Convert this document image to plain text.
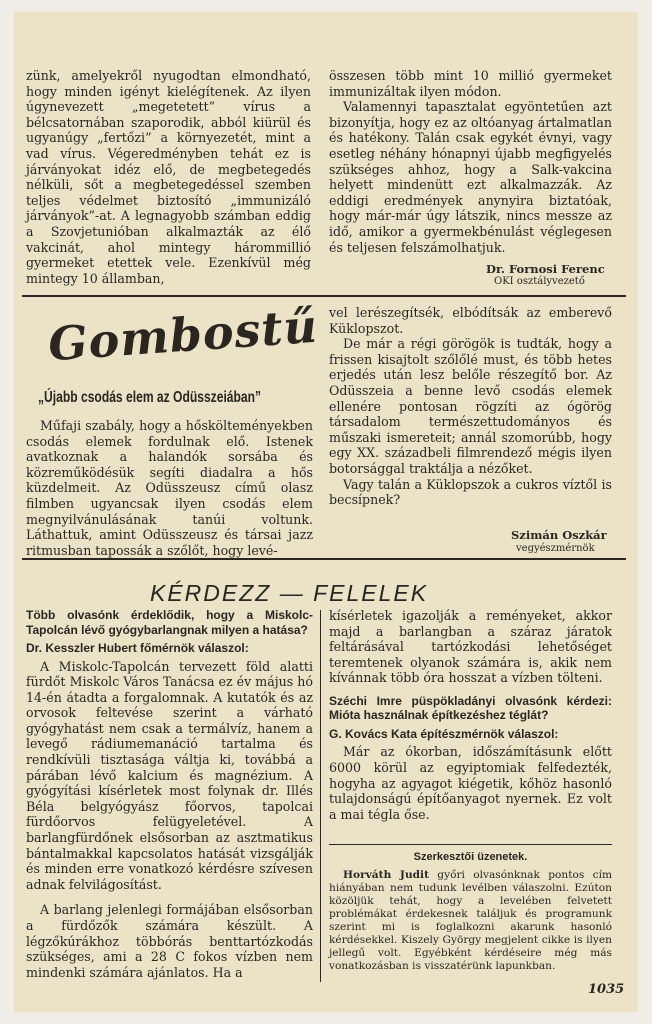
zünk, amelyekről nyugodtan elmondható, hogy minden igényt kielégítenek. Az ilyen úgynevezett „megetetett” vírus a bélcsatornában szaporodik, abból kiürül és ugyanúgy „fertőzi” a környezetét, mint a vad vírus. Végeredményben tehát ez is járványokat idéz elő, de megbetegedés nélküli, sőt a megbetegedéssel szemben teljes védelmet biztosító „immunizáló járványok”-at. A legnagyobb számban eddig a Szovjetunióban alkalmazták az élő vakcinát, ahol mintegy hárommillió gyermeket etettek vele. Ezenkívül még mintegy 10 államban,

összesen több mint 10 millió gyermeket immunizáltak ilyen módon.

Valamennyi tapasztalat egyöntetűen azt bizonyítja, hogy ez az oltóanyag ártalmatlan és hatékony. Talán csak egykét évnyi, vagy esetleg néhány hónapnyi újabb megfigyelés szükséges ahhoz, hogy a Salk-vakcina helyett mindenütt ezt alkalmazzák. Az eddigi eredmények anynyira biztatóak, hogy már-már úgy látszik, nincs messze az idő, amikor a gyermekbénulást véglegesen és teljesen felszámolhatjuk.

Dr. Fornosi Ferenc
OKI osztályvezető
Gombostű
„Újabb csodás elem az Odüsszeiában”
Műfaji szabály, hogy a hőskölteményekben csodás elemek fordulnak elő. Istenek avatkoznak a halandók sorsába és közreműködésük segíti diadalra a hős küzdelmeit. Az Odüsszeusz című olasz filmben ugyancsak ilyen csodás elem megnyilvánulásának tanúi voltunk. Láthattuk, amint Odüsszeusz és társai jazz ritmusban tapossák a szőlőt, hogy levé-

vel lerészegítsék, elbódítsák az emberevő Küklopszot.

De már a régi görögök is tudták, hogy a frissen kisajtolt szőlőlé must, és több hetes erjedés után lesz belőle részegítő bor. Az Odüsszeia a benne levő csodás elemek ellenére pontosan rögzíti az ógörög társadalom természettudományos és műszaki ismereteit; annál szomorúbb, hogy egy XX. századbeli filmrendező mégis ilyen botorsággal traktálja a nézőket.

Vagy talán a Küklopszok a cukros víztől is becsípnek?

Szimán Oszkár
vegyészmérnök
KÉRDEZZ — FELELEK

Több olvasónk érdeklődik, hogy a Miskolc-Tapolcán lévő gyógybarlangnak milyen a hatása?

Dr. Kesszler Hubert főmérnök válaszol:

A Miskolc-Tapolcán tervezett föld alatti fürdőt Miskolc Város Tanácsa ez év május hó 14-én átadta a forgalomnak. A kutatók és az orvosok feltevése szerint a várható gyógyhatást nem csak a termálvíz, hanem a levegő rádiumemanáció tartalma és rendkívüli tisztasága váltja ki, továbbá a párában lévő kalcium és magnézium. A gyógyítási kísérletek most folynak dr. Illés Béla belgyógyász főorvos, tapolcai fürdőorvos felügyeletével. A barlangfürdőnek elsősorban az asztmatikus bántalmakkal kapcsolatos hatását vizsgálják és minden erre vonatkozó kérdésre szívesen adnak felvilágosítást.

A barlang jelenlegi formájában elsősorban a fürdőzők számára készült. A légzőkúrákhoz többórás benttartózkodás szükséges, ami a 28 C fokos vízben nem mindenki számára ajánlatos. Ha a

kísérletek igazolják a reményeket, akkor majd a barlangban a száraz járatok feltárásával tartózkodási lehetőséget teremtenek olyanok számára is, akik nem kívánnak több óra hosszat a vízben tölteni.

Széchi Imre püspökladányi olvasónk kérdezi: Mióta használnak építkezéshez téglát?

G. Kovács Kata építészmérnök válaszol:

Már az ókorban, időszámításunk előtt 6000 körül az egyiptomiak felfedezték, hogyha az agyagot kiégetik, kőhöz hasonló tulajdonságú építőanyagot nyernek. Ez volt a mai tégla őse.

Szerkesztői üzenetek.

Horváth Judit győri olvasónknak pontos cím hiányában nem tudunk levélben válaszolni. Ezúton közöljük tehát, hogy a levelében felvetett problémákat érdekesnek találjuk és programunk szerint mi is foglalkozni akarunk hasonló kérdésekkel. Kiszely György megjelent cikke is ilyen jellegű volt. Egyébként kérdéseire még más vonatkozásban is visszatérünk lapunkban.

1035
